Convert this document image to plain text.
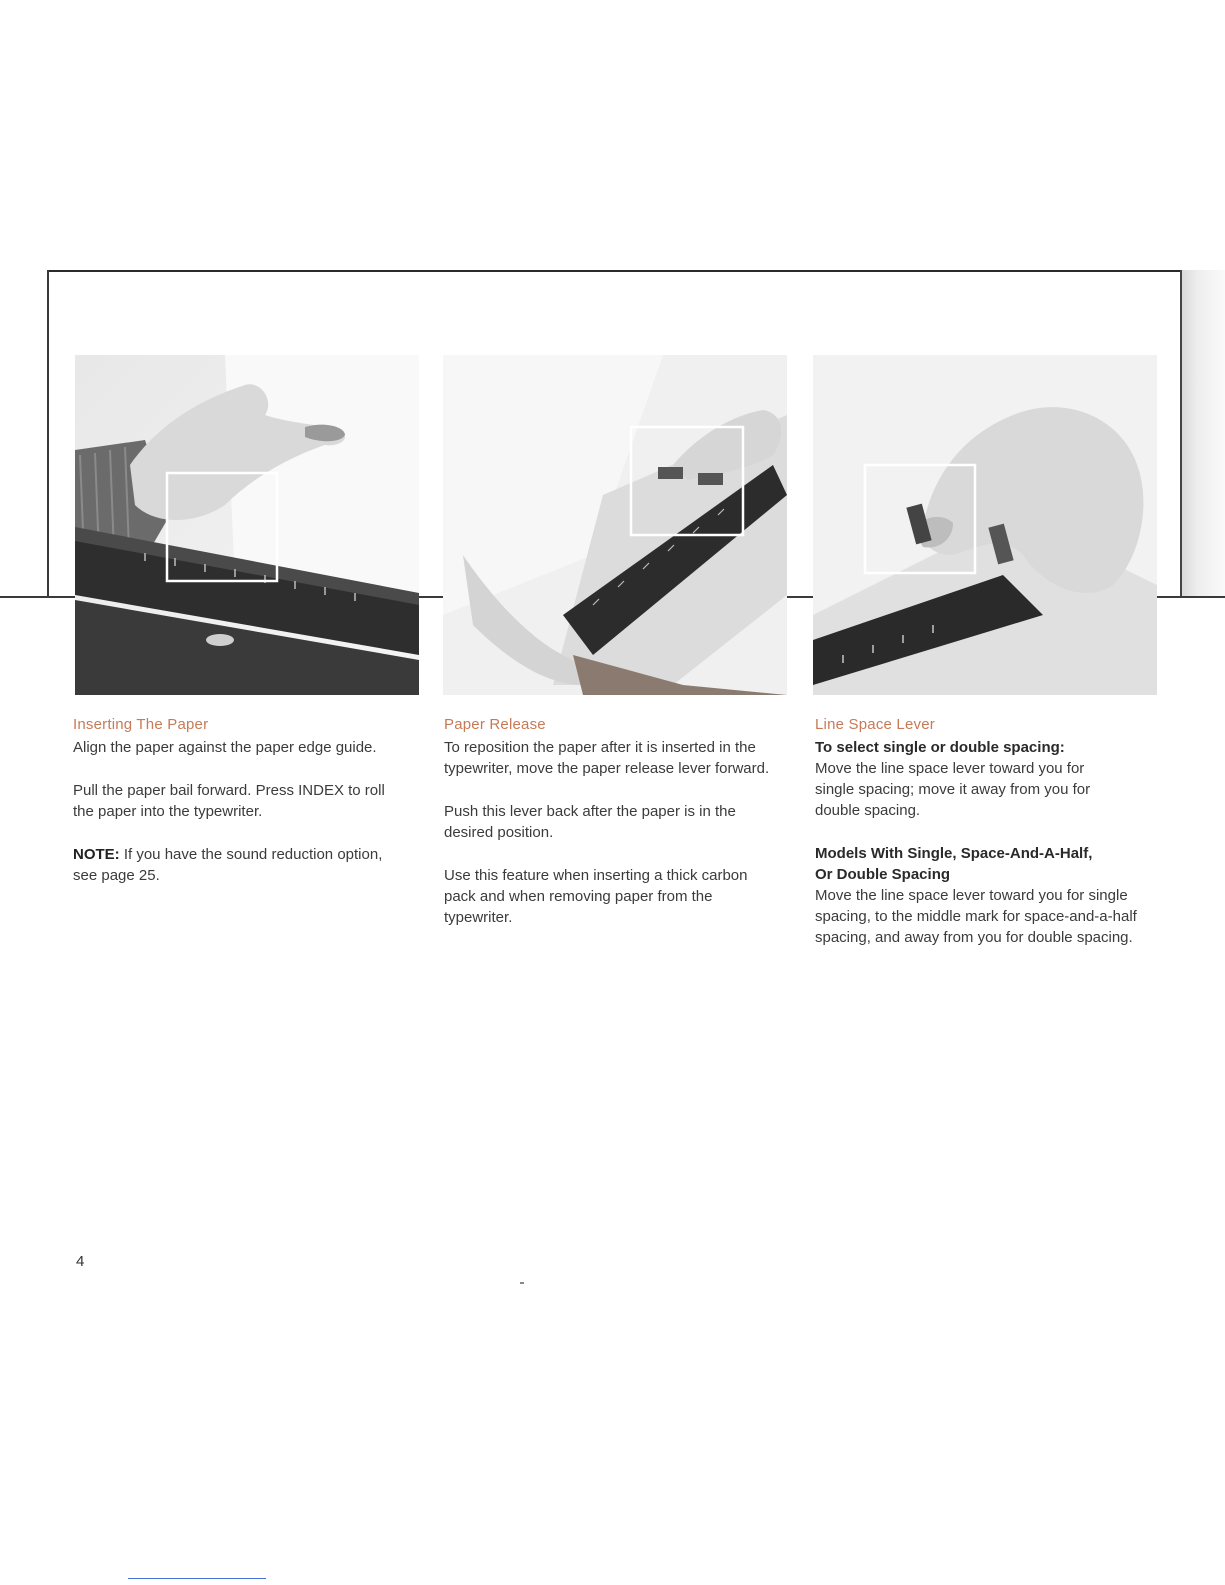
Inserting The Paper

Align the paper against the paper edge guide.

Pull the paper bail forward. Press INDEX to roll the paper into the typewriter.

NOTE: If you have the sound reduction option, see page 25.

Paper Release

To reposition the paper after it is inserted in the typewriter, move the paper release lever forward.

Push this lever back after the paper is in the desired position.

Use this feature when inserting a thick carbon pack and when removing paper from the typewriter.

Line Space Lever

To select single or double spacing:

Move the line space lever toward you for single spacing; move it away from you for double spacing.

Models With Single, Space-And-A-Half,

Or Double Spacing

Move the line space lever toward you for single spacing, to the middle mark for space-and-a-half spacing, and away from you for double spacing.

4
